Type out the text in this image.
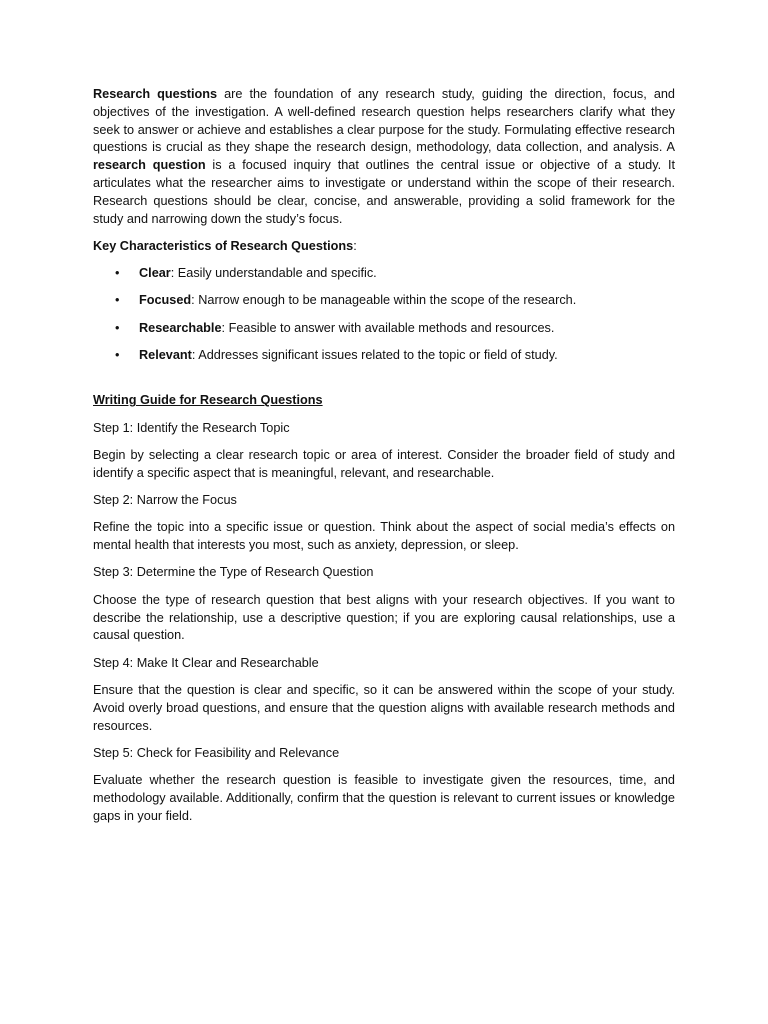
Research questions are the foundation of any research study, guiding the direction, focus, and objectives of the investigation. A well-defined research question helps researchers clarify what they seek to answer or achieve and establishes a clear purpose for the study. Formulating effective research questions is crucial as they shape the research design, methodology, data collection, and analysis. A research question is a focused inquiry that outlines the central issue or objective of a study. It articulates what the researcher aims to investigate or understand within the scope of their research. Research questions should be clear, concise, and answerable, providing a solid framework for the study and narrowing down the study’s focus.

Key Characteristics of Research Questions:

• Clear: Easily understandable and specific.
• Focused: Narrow enough to be manageable within the scope of the research.
• Researchable: Feasible to answer with available methods and resources.
• Relevant: Addresses significant issues related to the topic or field of study.

Writing Guide for Research Questions

Step 1: Identify the Research Topic

Begin by selecting a clear research topic or area of interest. Consider the broader field of study and identify a specific aspect that is meaningful, relevant, and researchable.

Step 2: Narrow the Focus

Refine the topic into a specific issue or question. Think about the aspect of social media’s effects on mental health that interests you most, such as anxiety, depression, or sleep.

Step 3: Determine the Type of Research Question

Choose the type of research question that best aligns with your research objectives. If you want to describe the relationship, use a descriptive question; if you are exploring causal relationships, use a causal question.

Step 4: Make It Clear and Researchable

Ensure that the question is clear and specific, so it can be answered within the scope of your study. Avoid overly broad questions, and ensure that the question aligns with available research methods and resources.

Step 5: Check for Feasibility and Relevance

Evaluate whether the research question is feasible to investigate given the resources, time, and methodology available. Additionally, confirm that the question is relevant to current issues or knowledge gaps in your field.
